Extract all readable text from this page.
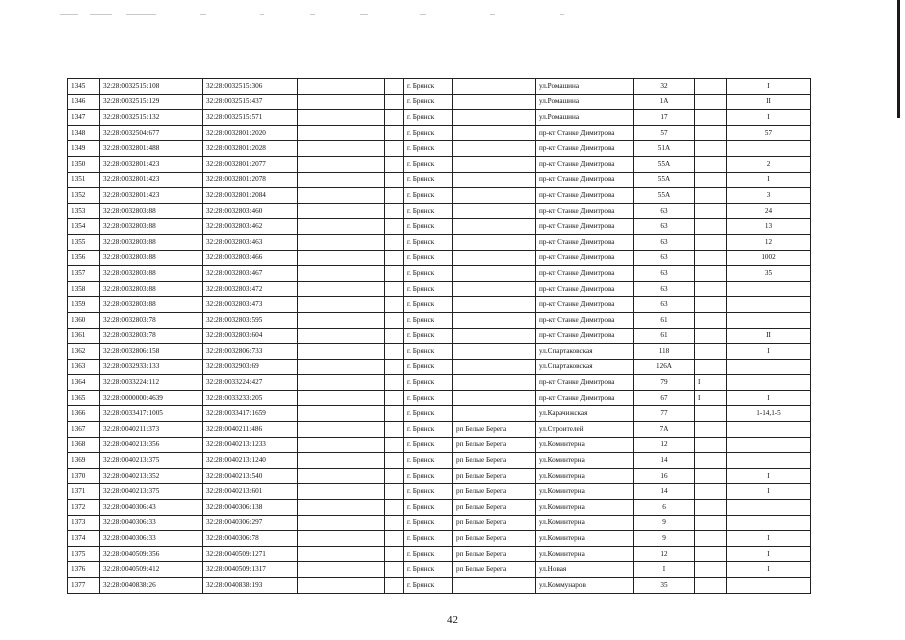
1345	32:28:0032515:108	32:28:0032515:306			г. Брянск		ул.Ромашина	32		I
1346	32:28:0032515:129	32:28:0032515:437			г. Брянск		ул.Ромашина	1А		II
1347	32:28:0032515:132	32:28:0032515:571			г. Брянск		ул.Ромашина	17		I
1348	32:28:0032504:677	32:28:0032801:2020			г. Брянск		пр-кт Станке Димитрова	57		57
1349	32:28:0032801:488	32:28:0032801:2028			г. Брянск		пр-кт Станке Димитрова	51А		
1350	32:28:0032801:423	32:28:0032801:2077			г. Брянск		пр-кт Станке Димитрова	55А		2
1351	32:28:0032801:423	32:28:0032801:2078			г. Брянск		пр-кт Станке Димитрова	55А		I
1352	32:28:0032801:423	32:28:0032801:2084			г. Брянск		пр-кт Станке Димитрова	55А		3
1353	32:28:0032803:88	32:28:0032803:460			г. Брянск		пр-кт Станке Димитрова	63		24
1354	32:28:0032803:88	32:28:0032803:462			г. Брянск		пр-кт Станке Димитрова	63		13
1355	32:28:0032803:88	32:28:0032803:463			г. Брянск		пр-кт Станке Димитрова	63		12
1356	32:28:0032803:88	32:28:0032803:466			г. Брянск		пр-кт Станке Димитрова	63		1002
1357	32:28:0032803:88	32:28:0032803:467			г. Брянск		пр-кт Станке Димитрова	63		35
1358	32:28:0032803:88	32:28:0032803:472			г. Брянск		пр-кт Станке Димитрова	63		
1359	32:28:0032803:88	32:28:0032803:473			г. Брянск		пр-кт Станке Димитрова	63		
1360	32:28:0032803:78	32:28:0032803:595			г. Брянск		пр-кт Станке Димитрова	61		
1361	32:28:0032803:78	32:28:0032803:604			г. Брянск		пр-кт Станке Димитрова	61		II
1362	32:28:0032806:158	32:28:0032806:733			г. Брянск		ул.Спартаковская	118		I
1363	32:28:0032933:133	32:28:0032903:69			г. Брянск		ул.Спартаковская	126А		
1364	32:28:0033224:112	32:28:0033224:427			г. Брянск		пр-кт Станке Димитрова	79	I	
1365	32:28:0000000:4639	32:28:0033233:205			г. Брянск		пр-кт Станке Димитрова	67	I	I
1366	32:28:0033417:1005	32:28:0033417:1659			г. Брянск		ул.Карачижская	77		1-14,1-5
1367	32:28:0040211:373	32:28:0040211:486			г. Брянск	рп Белые Берега	ул.Строителей	7А		
1368	32:28:0040213:356	32:28:0040213:1233			г. Брянск	рп Белые Берега	ул.Коминтерна	12		
1369	32:28:0040213:375	32:28:0040213:1240			г. Брянск	рп Белые Берега	ул.Коминтерна	14		
1370	32:28:0040213:352	32:28:0040213:540			г. Брянск	рп Белые Берега	ул.Коминтерна	16		I
1371	32:28:0040213:375	32:28:0040213:601			г. Брянск	рп Белые Берега	ул.Коминтерна	14		I
1372	32:28:0040306:43	32:28:0040306:138			г. Брянск	рп Белые Берега	ул.Коминтерна	6		
1373	32:28:0040306:33	32:28:0040306:297			г. Брянск	рп Белые Берега	ул.Коминтерна	9		
1374	32:28:0040306:33	32:28:0040306:78			г. Брянск	рп Белые Берега	ул.Коминтерна	9		I
1375	32:28:0040509:356	32:28:0040509:1271			г. Брянск	рп Белые Берега	ул.Коминтерна	12		I
1376	32:28:0040509:412	32:28:0040509:1317			г. Брянск	рп Белые Берега	ул.Новая	I		I
1377	32:28:0040838:26	32:28:0040838:193			г. Брянск		ул.Коммунаров	35		
42
